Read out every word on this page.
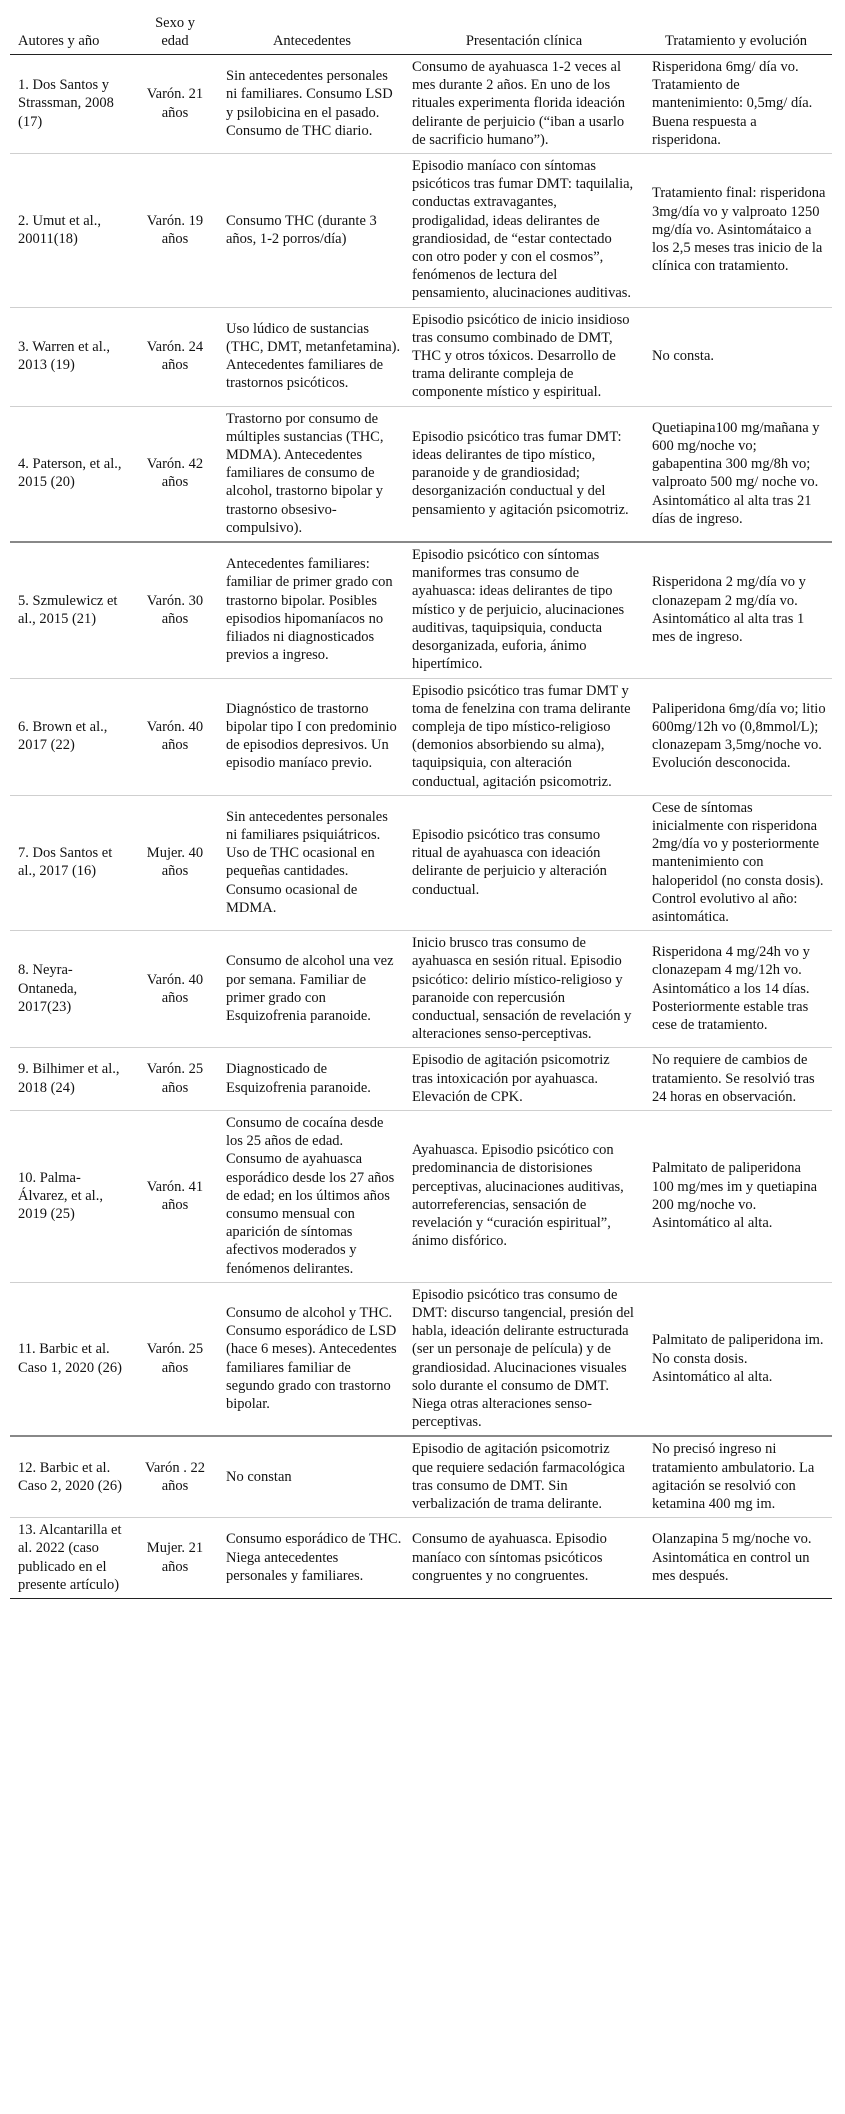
Autores y año	Sexo y edad	Antecedentes	Presentación clínica	Tratamiento y evolución
1. Dos Santos y Strassman, 2008 (17)	Varón. 21 años	Sin antecedentes personales ni familiares. Consumo LSD y psilobicina en el pasado. Consumo de THC diario.	Consumo de ayahuasca 1-2 veces al mes durante 2 años. En uno de los rituales experimenta florida ideación delirante de perjuicio (“iban a usarlo de sacrificio humano”).	Risperidona 6mg/ día vo. Tratamiento de mantenimiento: 0,5mg/ día. Buena respuesta a risperidona.
2. Umut et al., 20011(18)	Varón. 19 años	Consumo THC (durante 3 años, 1-2 porros/día)	Episodio maníaco con síntomas psicóticos tras fumar DMT: taquilalia, conductas extravagantes, prodigalidad, ideas delirantes de grandiosidad, de “estar contectado con otro poder y con el cosmos”, fenómenos de lectura del pensamiento, alucinaciones auditivas.	Tratamiento final: risperidona 3mg/día vo y valproato 1250 mg/día vo. Asintomátaico a los 2,5 meses tras inicio de la clínica con tratamiento.
3. Warren et al., 2013 (19)	Varón. 24 años	Uso lúdico de sustancias (THC, DMT, metanfetamina). Antecedentes familiares de trastornos psicóticos.	Episodio psicótico de inicio insidioso tras consumo combinado de DMT, THC y otros tóxicos. Desarrollo de trama delirante compleja de componente místico y espiritual.	No consta.
4. Paterson, et al., 2015 (20)	Varón. 42 años	Trastorno por consumo de múltiples sustancias (THC, MDMA). Antecedentes familiares de consumo de alcohol, trastorno bipolar y trastorno obsesivo-compulsivo).	Episodio psicótico tras fumar DMT: ideas delirantes de tipo místico, paranoide y de grandiosidad; desorganización conductual y del pensamiento y agitación psicomotriz.	Quetiapina100 mg/mañana y 600 mg/noche vo; gabapentina 300 mg/8h vo; valproato 500 mg/ noche vo. Asintomático al alta tras 21 días de ingreso.
5. Szmulewicz et al., 2015 (21)	Varón. 30 años	Antecedentes familiares: familiar de primer grado con trastorno bipolar. Posibles episodios hipomaníacos no filiados ni diagnosticados previos a ingreso.	Episodio psicótico con síntomas maniformes tras consumo de ayahuasca: ideas delirantes de tipo místico y de perjuicio, alucinaciones auditivas, taquipsiquia, conducta desorganizada, euforia, ánimo hipertímico.	Risperidona 2 mg/día vo y clonazepam 2 mg/día vo. Asintomático al alta tras 1 mes de ingreso.
6. Brown et al., 2017 (22)	Varón. 40 años	Diagnóstico de trastorno bipolar tipo I con predominio de episodios depresivos. Un episodio maníaco previo.	Episodio psicótico tras fumar DMT y toma de fenelzina con trama delirante compleja de tipo místico-religioso (demonios absorbiendo su alma), taquipsiquia, con alteración conductual, agitación psicomotriz.	Paliperidona 6mg/día vo; litio 600mg/12h vo (0,8mmol/L); clonazepam 3,5mg/noche vo. Evolución desconocida.
7. Dos Santos et al., 2017 (16)	Mujer. 40 años	Sin antecedentes personales ni familiares psiquiátricos. Uso de THC ocasional en pequeñas cantidades. Consumo ocasional de MDMA.	Episodio psicótico tras consumo ritual de ayahuasca con ideación delirante de perjuicio y alteración conductual.	Cese de síntomas inicialmente con risperidona 2mg/día vo y posteriormente mantenimiento con haloperidol (no consta dosis). Control evolutivo al año: asintomática.
8. Neyra-Ontaneda, 2017(23)	Varón. 40 años	Consumo de alcohol una vez por semana. Familiar de primer grado con Esquizofrenia paranoide.	Inicio brusco tras consumo de ayahuasca en sesión ritual. Episodio psicótico: delirio místico-religioso y paranoide con repercusión conductual, sensación de revelación y alteraciones senso-perceptivas.	Risperidona 4 mg/24h vo y clonazepam 4 mg/12h vo. Asintomático a los 14 días. Posteriormente estable tras cese de tratamiento.
9. Bilhimer et al., 2018 (24)	Varón. 25 años	Diagnosticado de Esquizofrenia paranoide.	Episodio de agitación psicomotriz tras intoxicación por ayahuasca. Elevación de CPK.	No requiere de cambios de tratamiento. Se resolvió tras 24 horas en observación.
10. Palma-Álvarez, et al., 2019 (25)	Varón. 41 años	Consumo de cocaína desde los 25 años de edad. Consumo de ayahuasca esporádico desde los 27 años de edad; en los últimos años consumo mensual con aparición de síntomas afectivos moderados y fenómenos delirantes.	Ayahuasca. Episodio psicótico con predominancia de distorisiones perceptivas, alucinaciones auditivas, autorreferencias, sensación de revelación y “curación espiritual”, ánimo disfórico.	Palmitato de paliperidona 100 mg/mes im y quetiapina 200 mg/noche vo. Asintomático al alta.
11. Barbic et al. Caso 1, 2020 (26)	Varón. 25 años	Consumo de alcohol y THC. Consumo esporádico de LSD (hace 6 meses). Antecedentes familiares familiar de segundo grado con trastorno bipolar.	Episodio psicótico tras consumo de DMT: discurso tangencial, presión del habla, ideación delirante estructurada (ser un personaje de película) y de grandiosidad. Alucinaciones visuales solo durante el consumo de DMT. Niega otras alteraciones senso-perceptivas.	Palmitato de paliperidona im. No consta dosis. Asintomático al alta.
12. Barbic et al. Caso 2, 2020 (26)	Varón . 22 años	No constan	Episodio de agitación psicomotriz que requiere sedación farmacológica tras consumo de DMT. Sin verbalización de trama delirante.	No precisó ingreso ni tratamiento ambulatorio. La agitación se resolvió con ketamina 400 mg im.
13. Alcantarilla et al. 2022 (caso publicado en el presente artículo)	Mujer. 21 años	Consumo esporádico de THC. Niega antecedentes personales y familiares.	Consumo de ayahuasca. Episodio maníaco con síntomas psicóticos congruentes y no congruentes.	Olanzapina 5 mg/noche vo. Asintomática en control un mes después.
